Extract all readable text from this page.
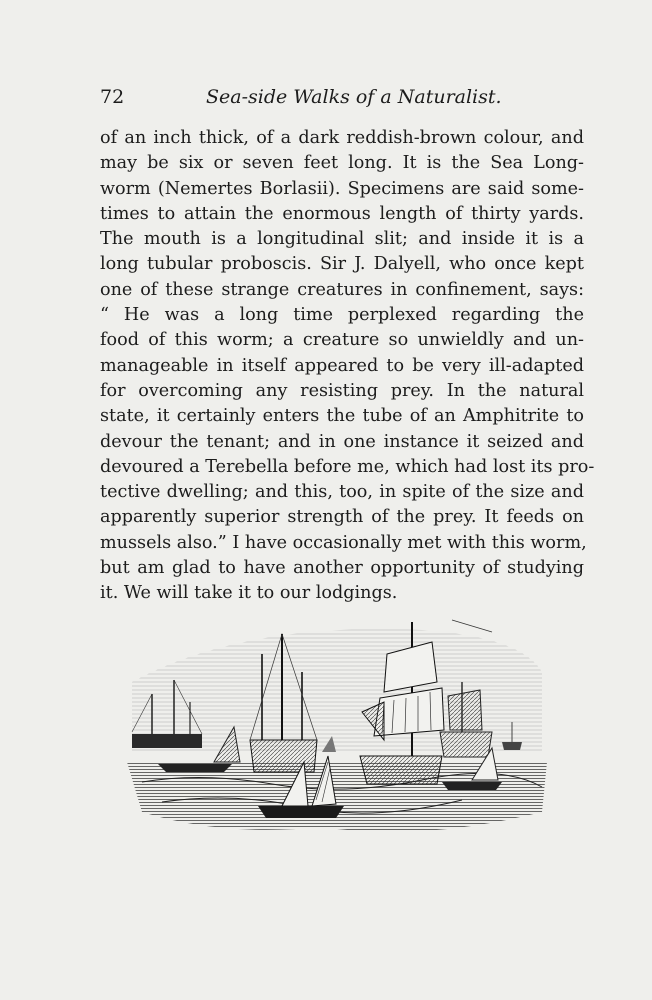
72	Sea-side Walks of a Naturalist.
of an inch thick, of a dark reddish-brown colour, and
may be six or seven feet long. It is the Sea Long-
worm (Nemertes Borlasii). Specimens are said some-
times to attain the enormous length of thirty yards.
The mouth is a longitudinal slit; and inside it is a
long tubular proboscis. Sir J. Dalyell, who once kept
one of these strange creatures in confinement, says:
“ He was a long time perplexed regarding the
food of this worm; a creature so unwieldly and un-
manageable in itself appeared to be very ill-adapted
for overcoming any resisting prey. In the natural
state, it certainly enters the tube of an Amphitrite to
devour the tenant; and in one instance it seized and
devoured a Terebella before me, which had lost its pro-
tective dwelling; and this, too, in spite of the size and
apparently superior strength of the prey. It feeds on
mussels also.” I have occasionally met with this worm,
but am glad to have another opportunity of studying
it. We will take it to our lodgings.
